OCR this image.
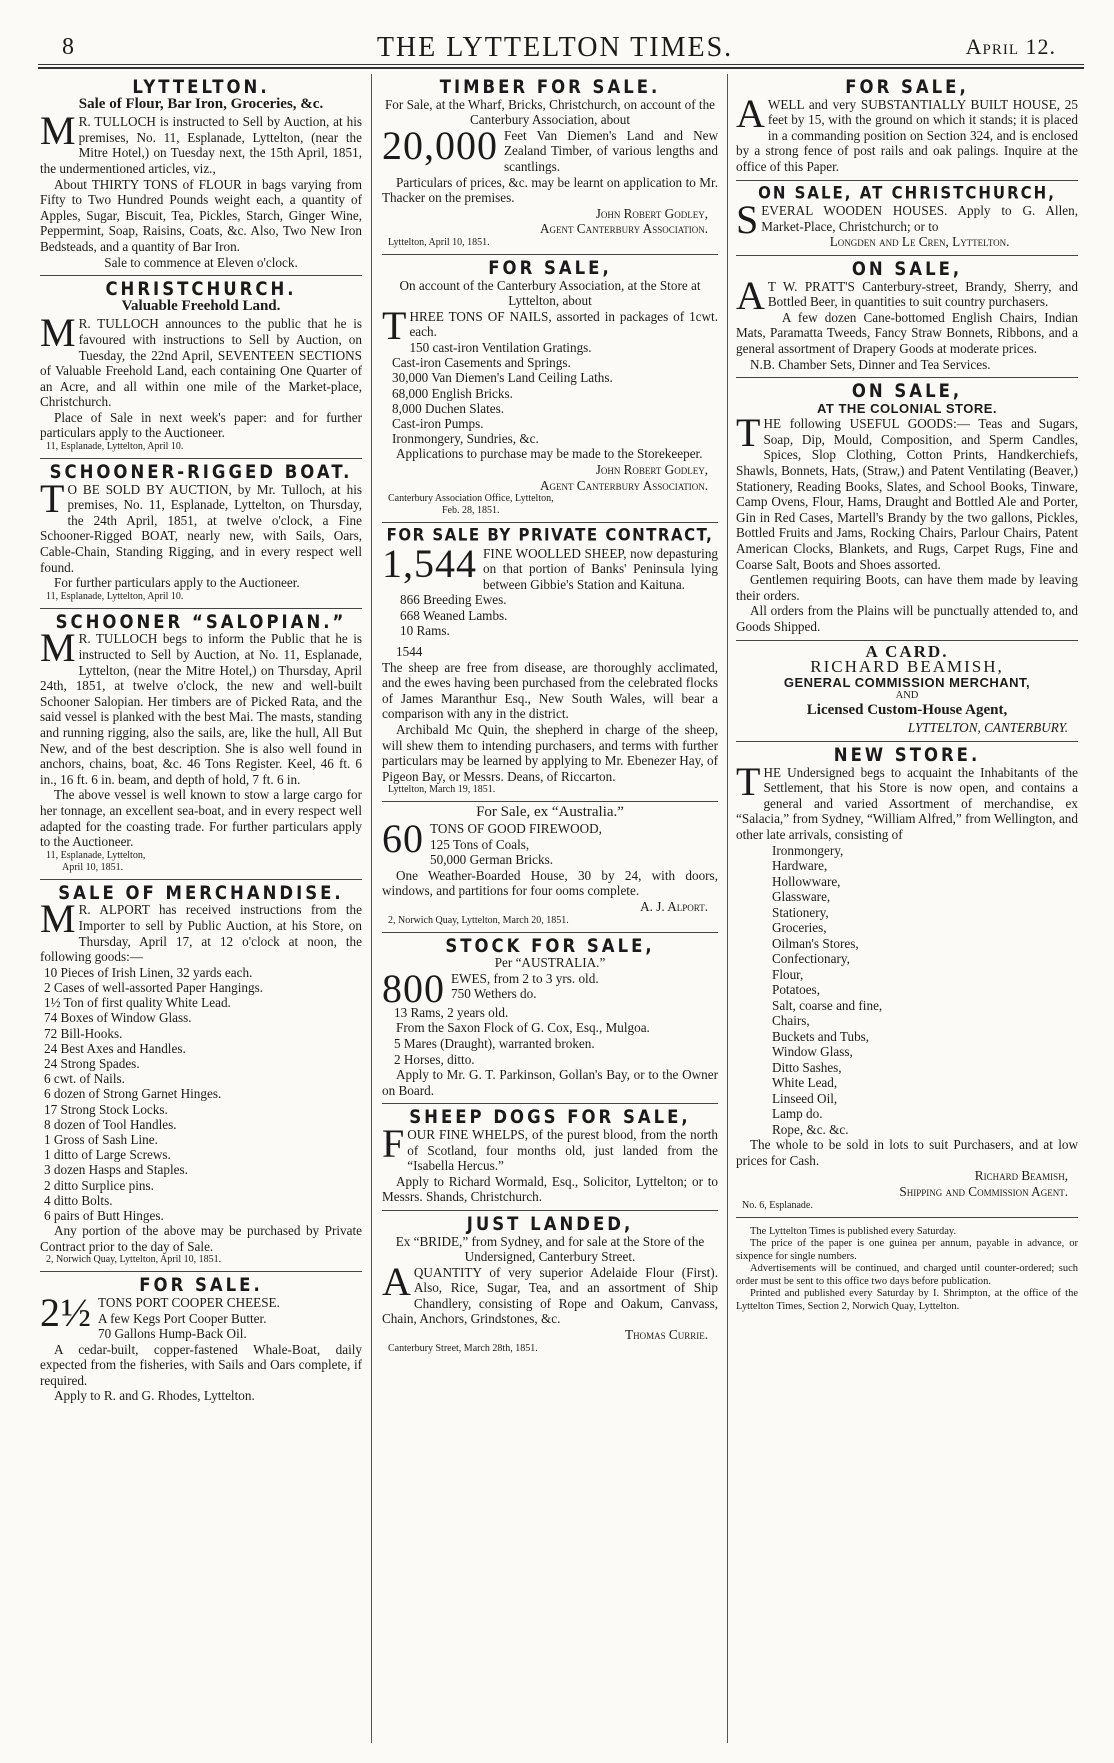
8	THE LYTTELTON TIMES.	April 12.
LYTTELTON.
Sale of Flour, Bar Iron, Groceries, &c.
M R. TULLOCH is instructed to Sell by Auction, at his premises, No. 11, Esplanade, Lyttelton, (near the Mitre Hotel,) on Tuesday next, the 15th April, 1851, the undermentioned articles, viz.,
About THIRTY TONS of FLOUR in bags varying from Fifty to Two Hundred Pounds weight each, a quantity of Apples, Sugar, Biscuit, Tea, Pickles, Starch, Ginger Wine, Peppermint, Soap, Raisins, Coats, &c. Also, Two New Iron Bedsteads, and a quantity of Bar Iron.
Sale to commence at Eleven o'clock.
CHRISTCHURCH.
Valuable Freehold Land.
M R. TULLOCH announces to the public that he is favoured with instructions to Sell by Auction, on Tuesday, the 22nd April, SEVENTEEN SECTIONS of Valuable Freehold Land, each containing One Quarter of an Acre, and all within one mile of the Market-place, Christchurch.
Place of Sale in next week's paper: and for further particulars apply to the Auctioneer.
11, Esplanade, Lyttelton, April 10.
SCHOONER-RIGGED BOAT.
T O BE SOLD BY AUCTION, by Mr. Tulloch, at his premises, No. 11, Esplanade, Lyttelton, on Thursday, the 24th April, 1851, at twelve o'clock, a Fine Schooner-Rigged BOAT, nearly new, with Sails, Oars, Cable-Chain, Standing Rigging, and in every respect well found.
For further particulars apply to the Auctioneer.
11, Esplanade, Lyttelton, April 10.
SCHOONER “SALOPIAN.”
M R. TULLOCH begs to inform the Public that he is instructed to Sell by Auction, at No. 11, Esplanade, Lyttelton, (near the Mitre Hotel,) on Thursday, April 24th, 1851, at twelve o'clock, the new and well-built Schooner Salopian. Her timbers are of Picked Rata, and the said vessel is planked with the best Mai. The masts, standing and running rigging, also the sails, are, like the hull, All But New, and of the best description. She is also well found in anchors, chains, boat, &c. 46 Tons Register. Keel, 46 ft. 6 in., 16 ft. 6 in. beam, and depth of hold, 7 ft. 6 in.
The above vessel is well known to stow a large cargo for her tonnage, an excellent sea-boat, and in every respect well adapted for the coasting trade. For further particulars apply to the Auctioneer.
11, Esplanade, Lyttelton,
April 10, 1851.
SALE OF MERCHANDISE.
M R. ALPORT has received instructions from the Importer to sell by Public Auction, at his Store, on Thursday, April 17, at 12 o'clock at noon, the following goods:—
10 Pieces of Irish Linen, 32 yards each.
2 Cases of well-assorted Paper Hangings.
1½ Ton of first quality White Lead.
74 Boxes of Window Glass.
72 Bill-Hooks.
24 Best Axes and Handles.
24 Strong Spades.
6 cwt. of Nails.
6 dozen of Strong Garnet Hinges.
17 Strong Stock Locks.
8 dozen of Tool Handles.
1 Gross of Sash Line.
1 ditto of Large Screws.
3 dozen Hasps and Staples.
2 ditto Surplice pins.
4 ditto Bolts.
6 pairs of Butt Hinges.
Any portion of the above may be purchased by Private Contract prior to the day of Sale.
2, Norwich Quay, Lyttelton, April 10, 1851.
FOR SALE.
2½ TONS PORT COOPER CHEESE.
A few Kegs Port Cooper Butter.
70 Gallons Hump-Back Oil.
A cedar-built, copper-fastened Whale-Boat, daily expected from the fisheries, with Sails and Oars complete, if required.
Apply to R. and G. Rhodes, Lyttelton.
TIMBER FOR SALE.
For Sale, at the Wharf, Bricks, Christchurch, on account of the Canterbury Association, about
20,000 Feet Van Diemen's Land and New Zealand Timber, of various lengths and scantlings.
Particulars of prices, &c. may be learnt on application to Mr. Thacker on the premises.
John Robert Godley,
Agent Canterbury Association.
Lyttelton, April 10, 1851.
FOR SALE,
On account of the Canterbury Association, at the Store at Lyttelton, about
THREE TONS OF NAILS, assorted in packages of 1cwt. each.
150 cast-iron Ventilation Gratings.
Cast-iron Casements and Springs.
30,000 Van Diemen's Land Ceiling Laths.
68,000 English Bricks.
8,000 Duchen Slates.
Cast-iron Pumps.
Ironmongery, Sundries, &c.
Applications to purchase may be made to the Storekeeper.
John Robert Godley,
Agent Canterbury Association.
Canterbury Association Office, Lyttelton,
Feb. 28, 1851.
FOR SALE BY PRIVATE CONTRACT,
1,544 FINE WOOLLED SHEEP, now depasturing on that portion of Banks' Peninsula lying between Gibbie's Station and Kaituna.
866 Breeding Ewes.
668 Weaned Lambs.
10 Rams.
1544
The sheep are free from disease, are thoroughly acclimated, and the ewes having been purchased from the celebrated flocks of James Maranthur Esq., New South Wales, will bear a comparison with any in the district.
Archibald Mc Quin, the shepherd in charge of the sheep, will shew them to intending purchasers, and terms with further particulars may be learned by applying to Mr. Ebenezer Hay, of Pigeon Bay, or Messrs. Deans, of Riccarton.
Lyttelton, March 19, 1851.
For Sale, ex “Australia.”
60 TONS OF GOOD FIREWOOD,
125 Tons of Coals,
50,000 German Bricks.
One Weather-Boarded House, 30 by 24, with doors, windows, and partitions for four ooms complete.
A. J. Alport.
2, Norwich Quay, Lyttelton, March 20, 1851.
STOCK FOR SALE,
Per “AUSTRALIA.”
800 EWES, from 2 to 3 yrs. old.
750 Wethers do.
13 Rams, 2 years old.
From the Saxon Flock of G. Cox, Esq., Mulgoa.
5 Mares (Draught), warranted broken.
2 Horses, ditto.
Apply to Mr. G. T. Parkinson, Gollan's Bay, or to the Owner on Board.
SHEEP DOGS FOR SALE,
FOUR FINE WHELPS, of the purest blood, from the north of Scotland, four months old, just landed from the “Isabella Hercus.”
Apply to Richard Wormald, Esq., Solicitor, Lyttelton; or to Messrs. Shands, Christchurch.
JUST LANDED,
Ex “BRIDE,” from Sydney, and for sale at the Store of the Undersigned, Canterbury Street.
AQUANTITY of very superior Adelaide Flour (First). Also, Rice, Sugar, Tea, and an assortment of Ship Chandlery, consisting of Rope and Oakum, Canvass, Chain, Anchors, Grindstones, &c.
Thomas Currie.
Canterbury Street, March 28th, 1851.
FOR SALE,
AWELL and very SUBSTANTIALLY BUILT HOUSE, 25 feet by 15, with the ground on which it stands; it is placed in a commanding position on Section 324, and is enclosed by a strong fence of post rails and oak palings. Inquire at the office of this Paper.
ON SALE, AT CHRISTCHURCH,
SEVERAL WOODEN HOUSES. Apply to G. Allen, Market-Place, Christchurch; or to
Longden and Le Cren, Lyttelton.
ON SALE,
A T W. PRATT'S Canterbury-street, Brandy, Sherry, and Bottled Beer, in quantities to suit country purchasers.
A few dozen Cane-bottomed English Chairs, Indian Mats, Paramatta Tweeds, Fancy Straw Bonnets, Ribbons, and a general assortment of Drapery Goods at moderate prices.
N.B. Chamber Sets, Dinner and Tea Services.
ON SALE,
AT THE COLONIAL STORE.
THE following USEFUL GOODS:— Teas and Sugars, Soap, Dip, Mould, Composition, and Sperm Candles, Spices, Slop Clothing, Cotton Prints, Handkerchiefs, Shawls, Bonnets, Hats, (Straw,) and Patent Ventilating (Beaver,) Stationery, Reading Books, Slates, and School Books, Tinware, Camp Ovens, Flour, Hams, Draught and Bottled Ale and Porter, Gin in Red Cases, Martell's Brandy by the two gallons, Pickles, Bottled Fruits and Jams, Rocking Chairs, Parlour Chairs, Patent American Clocks, Blankets, and Rugs, Carpet Rugs, Fine and Coarse Salt, Boots and Shoes assorted.
Gentlemen requiring Boots, can have them made by leaving their orders.
All orders from the Plains will be punctually attended to, and Goods Shipped.
A CARD.
RICHARD BEAMISH,
GENERAL COMMISSION MERCHANT,
AND
Licensed Custom-House Agent,
LYTTELTON, CANTERBURY.
NEW STORE.
THE Undersigned begs to acquaint the Inhabitants of the Settlement, that his Store is now open, and contains a general and varied Assortment of merchandise, ex “Salacia,” from Sydney, “William Alfred,” from Wellington, and other late arrivals, consisting of
Ironmongery,
Hardware,
Hollowware,
Glassware,
Stationery,
Groceries,
Oilman's Stores,
Confectionary,
Flour,
Potatoes,
Salt, coarse and fine,
Chairs,
Buckets and Tubs,
Window Glass,
Ditto Sashes,
White Lead,
Linseed Oil,
Lamp do.
Rope, &c. &c.
The whole to be sold in lots to suit Purchasers, and at low prices for Cash.
Richard Beamish,
Shipping and Commission Agent.
No. 6, Esplanade.
The Lyttelton Times is published every Saturday.
The price of the paper is one guinea per annum, payable in advance, or sixpence for single numbers.
Advertisements will be continued, and charged until counter-ordered; such order must be sent to this office two days before publication.
Printed and published every Saturday by I. Shrimpton, at the office of the Lyttelton Times, Section 2, Norwich Quay, Lyttelton.
